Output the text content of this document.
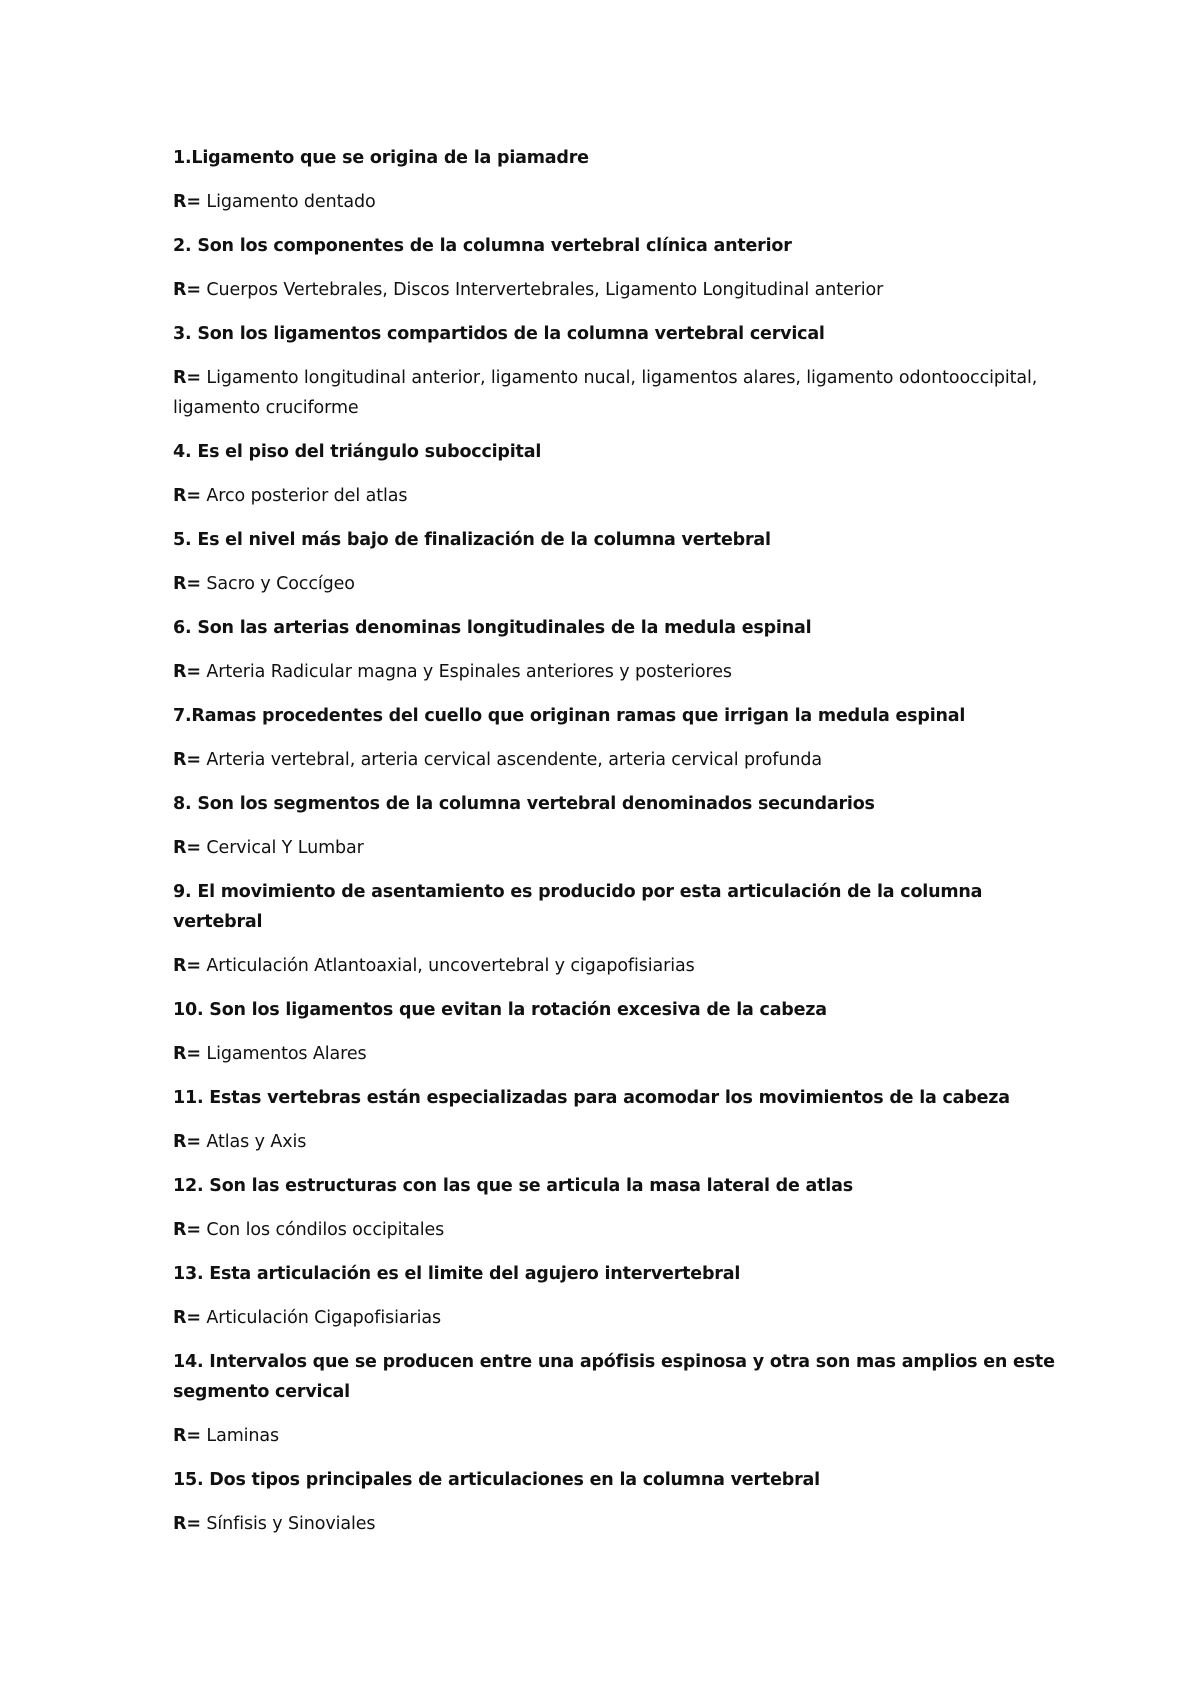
1.Ligamento que se origina de la piamadre

R= Ligamento dentado

2. Son los componentes de la columna vertebral clínica anterior

R= Cuerpos Vertebrales, Discos Intervertebrales, Ligamento Longitudinal anterior

3. Son los ligamentos compartidos de la columna vertebral cervical

R= Ligamento longitudinal anterior, ligamento nucal, ligamentos alares, ligamento odontooccipital, ligamento cruciforme

4. Es el piso del triángulo suboccipital

R= Arco posterior del atlas

5. Es el nivel más bajo de finalización de la columna vertebral

R= Sacro y Coccígeo

6. Son las arterias denominas longitudinales de la medula espinal

R= Arteria Radicular magna y Espinales anteriores y posteriores

7.Ramas procedentes del cuello que originan ramas que irrigan la medula espinal

R= Arteria vertebral, arteria cervical ascendente, arteria cervical profunda

8. Son los segmentos de la columna vertebral denominados secundarios

R= Cervical Y Lumbar

9. El movimiento de asentamiento es producido por esta articulación de la columna vertebral

R= Articulación Atlantoaxial, uncovertebral y cigapofisiarias

10. Son los ligamentos que evitan la rotación excesiva de la cabeza

R= Ligamentos Alares

11. Estas vertebras están especializadas para acomodar los movimientos de la cabeza

R= Atlas y Axis

12. Son las estructuras con las que se articula la masa lateral de atlas

R= Con los cóndilos occipitales

13. Esta articulación es el limite del agujero intervertebral

R= Articulación Cigapofisiarias

14. Intervalos que se producen entre una apófisis espinosa y otra son mas amplios en este segmento cervical

R= Laminas

15. Dos tipos principales de articulaciones en la columna vertebral

R= Sínfisis y Sinoviales
